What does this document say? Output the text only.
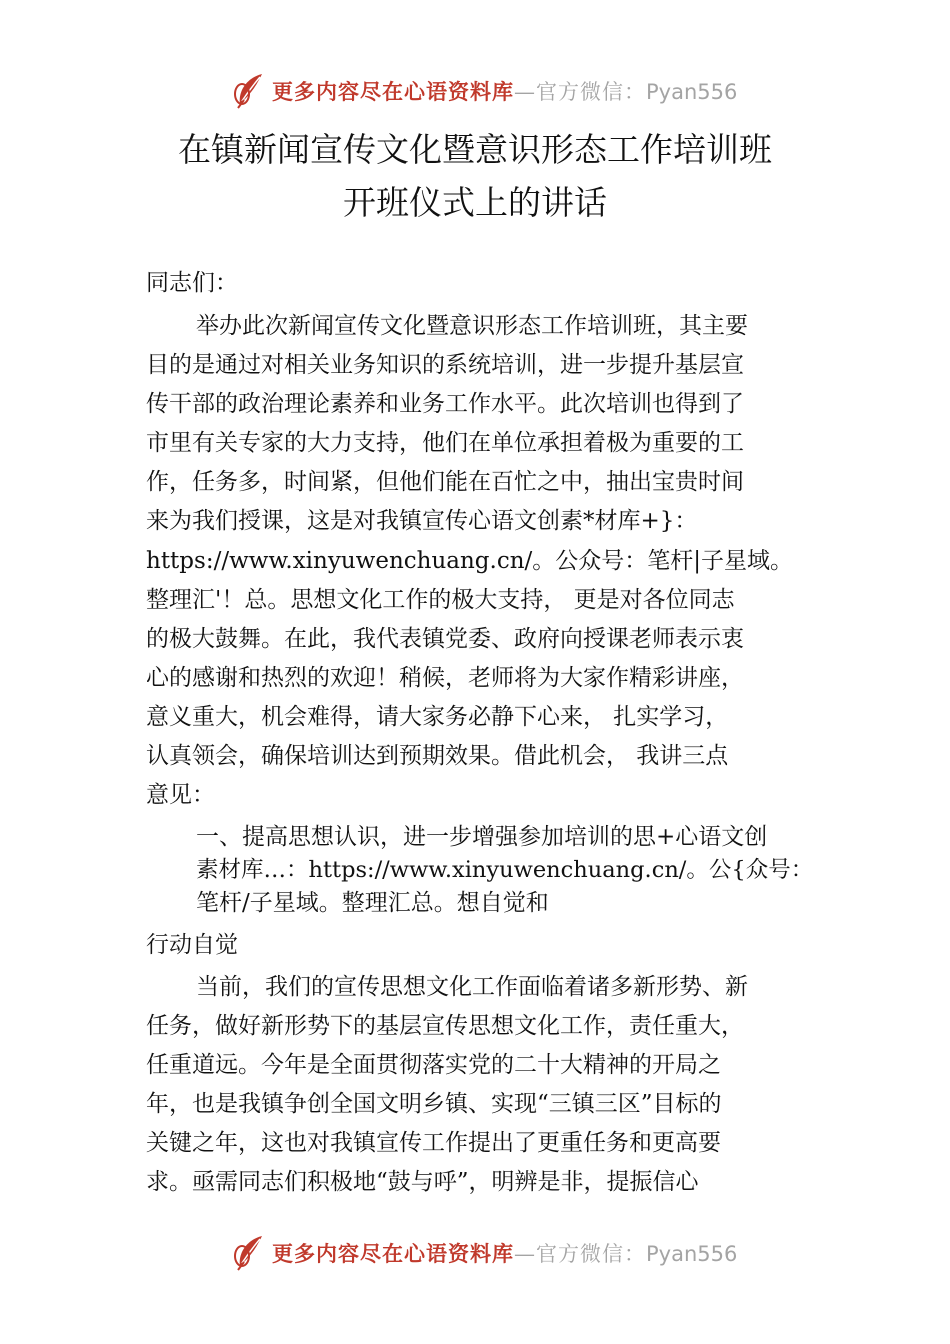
更多内容尽在心语资料库—官方微信：Pyan556
在镇新闻宣传文化暨意识形态工作培训班
开班仪式上的讲话
同志们：
举办此次新闻宣传文化暨意识形态工作培训班，其主要
目的是通过对相关业务知识的系统培训，进一步提升基层宣
传干部的政治理论素养和业务工作水平。此次培训也得到了
市里有关专家的大力支持，他们在单位承担着极为重要的工
作，任务多，时间紧，但他们能在百忙之中，抽出宝贵时间
来为我们授课，这是对我镇宣传心语文创素*材库+}：
https://www.xinyuwenchuang.cn/。公众号：笔杆|子星域。
整理汇'！总。思想文化工作的极大支持， 更是对各位同志
的极大鼓舞。在此，我代表镇党委、政府向授课老师表示衷
心的感谢和热烈的欢迎！稍候，老师将为大家作精彩讲座，
意义重大，机会难得，请大家务必静下心来， 扎实学习，
认真领会，确保培训达到预期效果。借此机会， 我讲三点
意见：
一、提高思想认识，进一步增强参加培训的思+心语文创
素材库…：https://www.xinyuwenchuang.cn/。公{众号：
笔杆/子星域。整理汇总。想自觉和
行动自觉
当前，我们的宣传思想文化工作面临着诸多新形势、新
任务，做好新形势下的基层宣传思想文化工作，责任重大，
任重道远。今年是全面贯彻落实党的二十大精神的开局之
年，也是我镇争创全国文明乡镇、实现“三镇三区”目标的
关键之年，这也对我镇宣传工作提出了更重任务和更高要
求。亟需同志们积极地“鼓与呼”，明辨是非，提振信心
更多内容尽在心语资料库—官方微信：Pyan556
